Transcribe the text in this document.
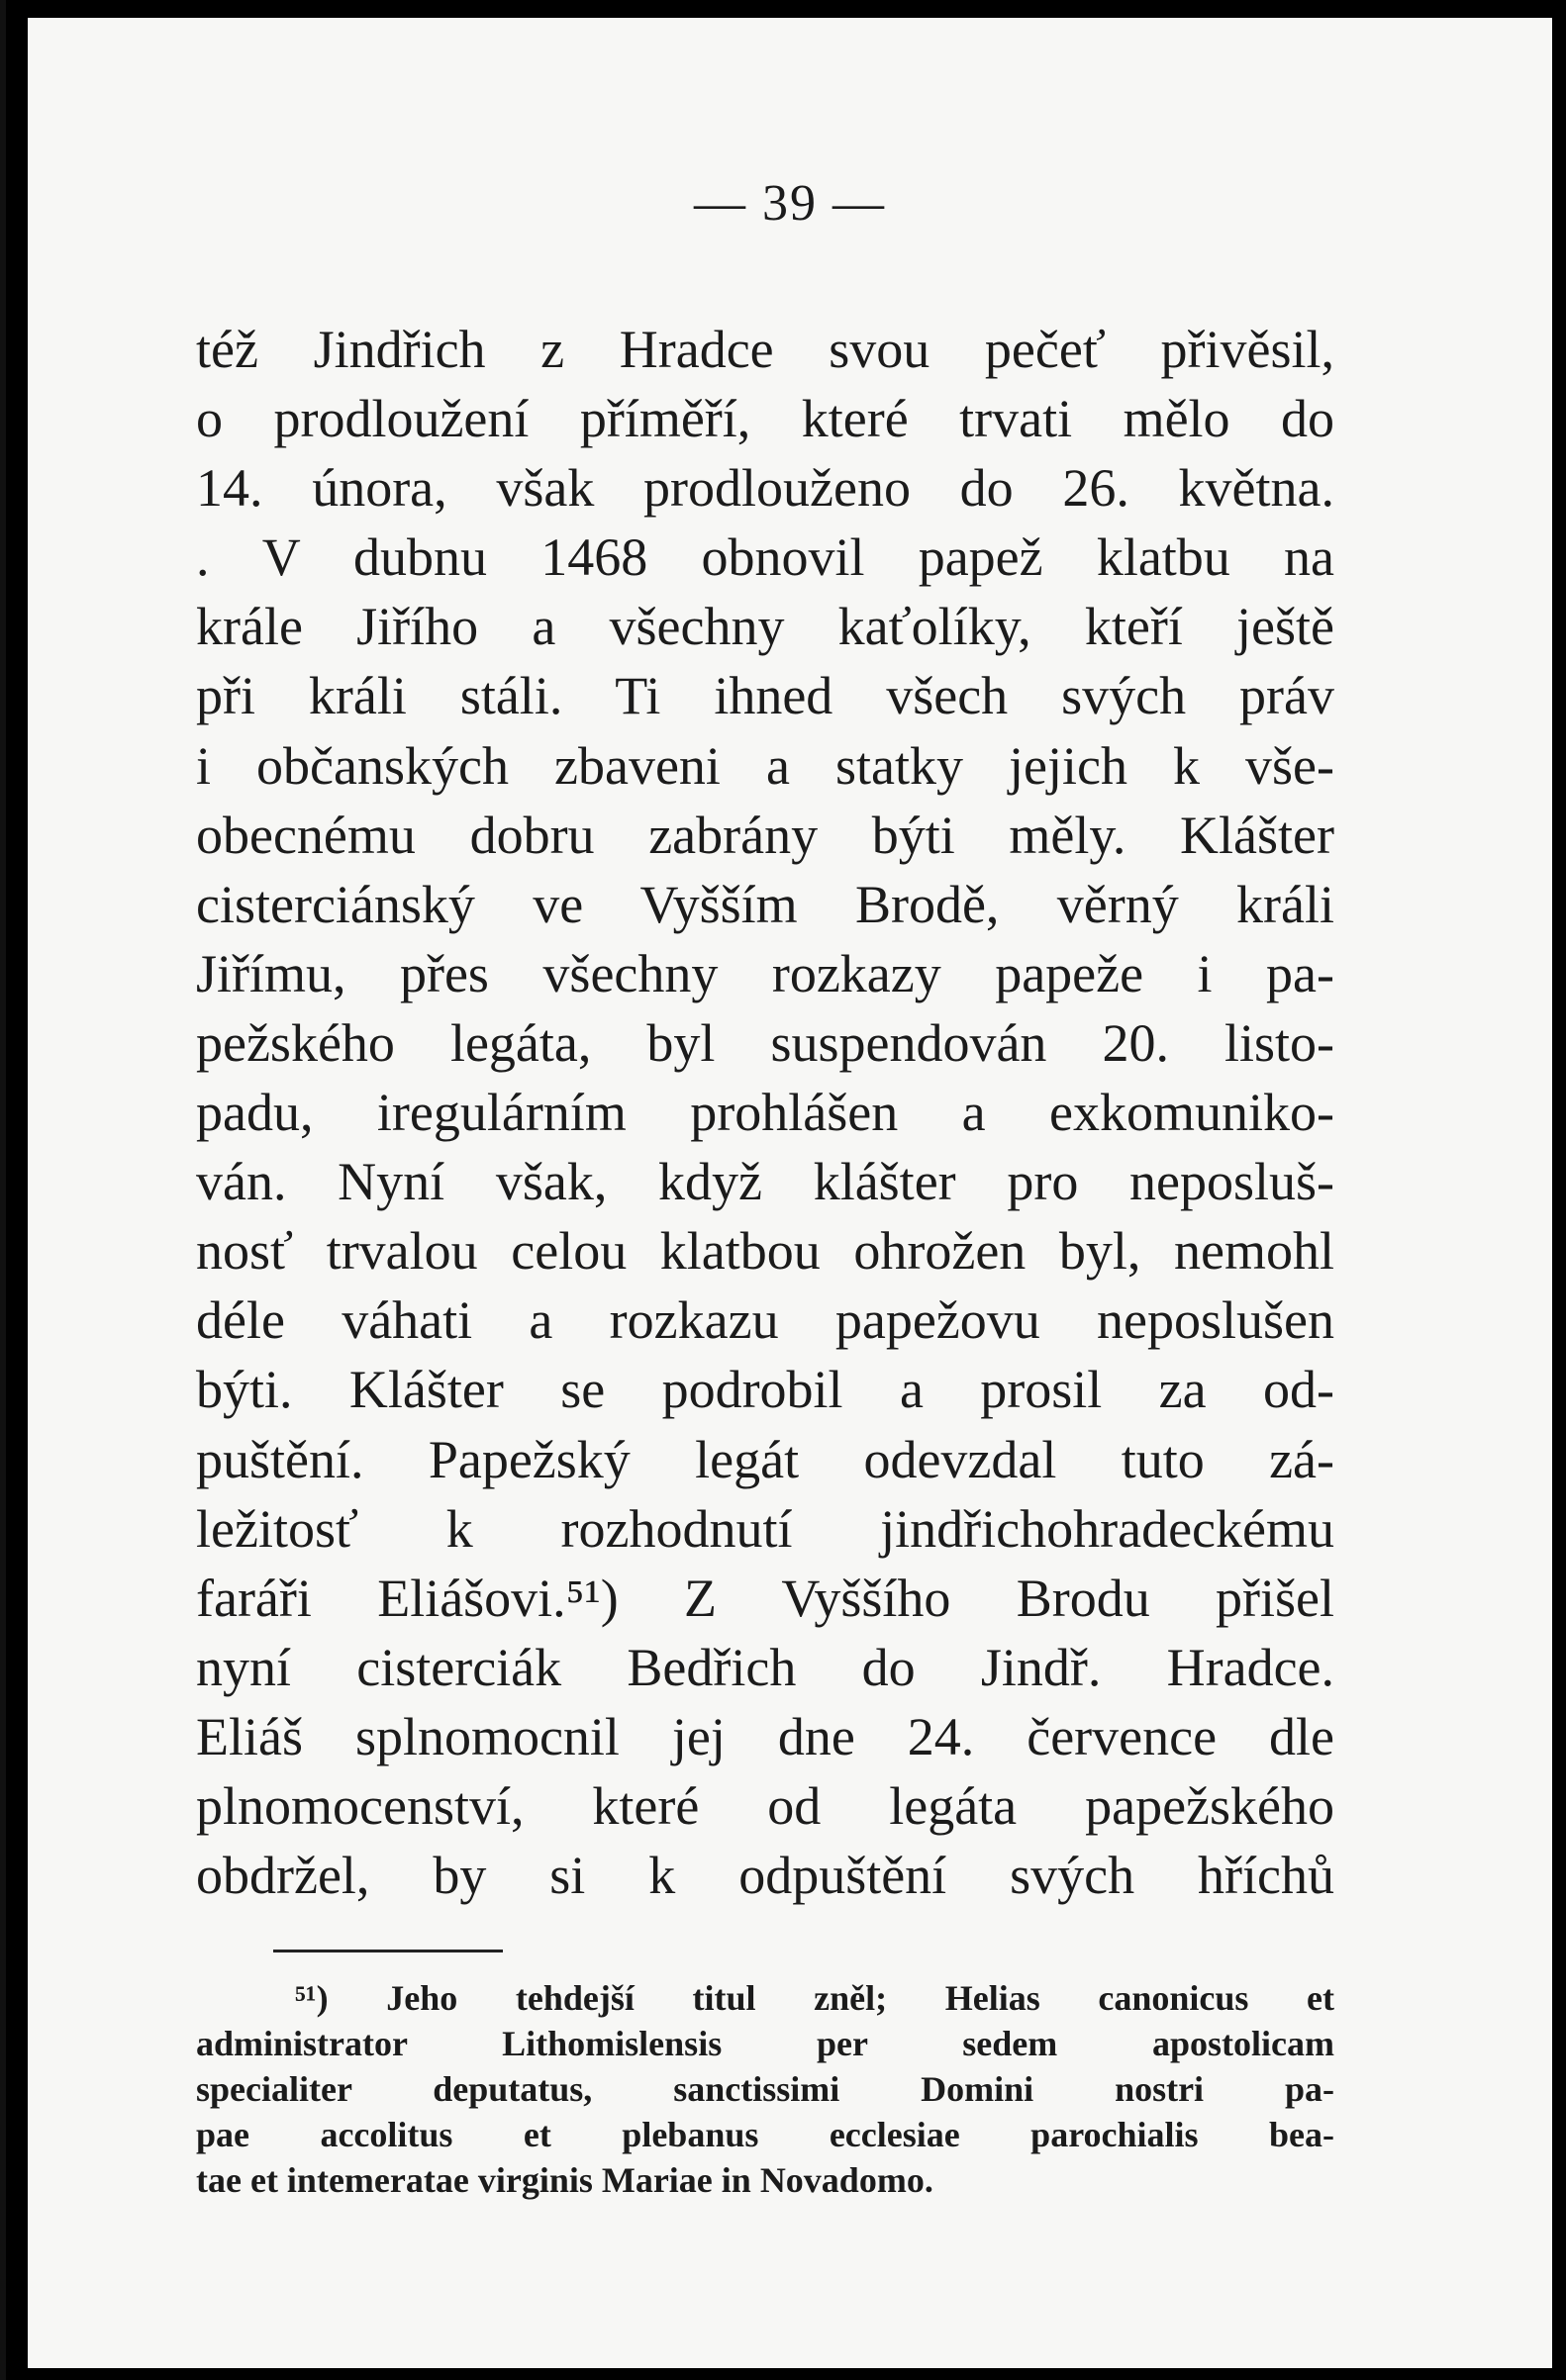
— 39 —
též Jindřich z Hradce svou pečeť přivěsil,
o prodloužení příměří, které trvati mělo do
14. února, však prodlouženo do 26. května.
. V dubnu 1468 obnovil papež klatbu na
krále Jiřího a všechny kaťolíky, kteří ještě
při králi stáli. Ti ihned všech svých práv
i občanských zbaveni a statky jejich k vše-
obecnému dobru zabrány býti měly. Klášter
cisterciánský ve Vyšším Brodě, věrný králi
Jiřímu, přes všechny rozkazy papeže i pa-
pežského legáta, byl suspendován 20. listo-
padu, iregulárním prohlášen a exkomuniko-
ván. Nyní však, když klášter pro neposluš-
nosť trvalou celou klatbou ohrožen byl, nemohl
déle váhati a rozkazu papežovu neposlušen
býti. Klášter se podrobil a prosil za od-
puštění. Papežský legát odevzdal tuto zá-
ležitosť k rozhodnutí jindřichohradeckému
faráři Eliášovi.⁵¹) Z Vyššího Brodu přišel
nyní cisterciák Bedřich do Jindř. Hradce.
Eliáš splnomocnil jej dne 24. července dle
plnomocenství, které od legáta papežského
obdržel, by si k odpuštění svých hříchů
⁵¹) Jeho tehdejší titul zněl; Helias canonicus et
administrator Lithomislensis per sedem apostolicam
specialiter deputatus, sanctissimi Domini nostri pa-
pae accolitus et plebanus ecclesiae parochialis bea-
tae et intemeratae virginis Mariae in Novadomo.
